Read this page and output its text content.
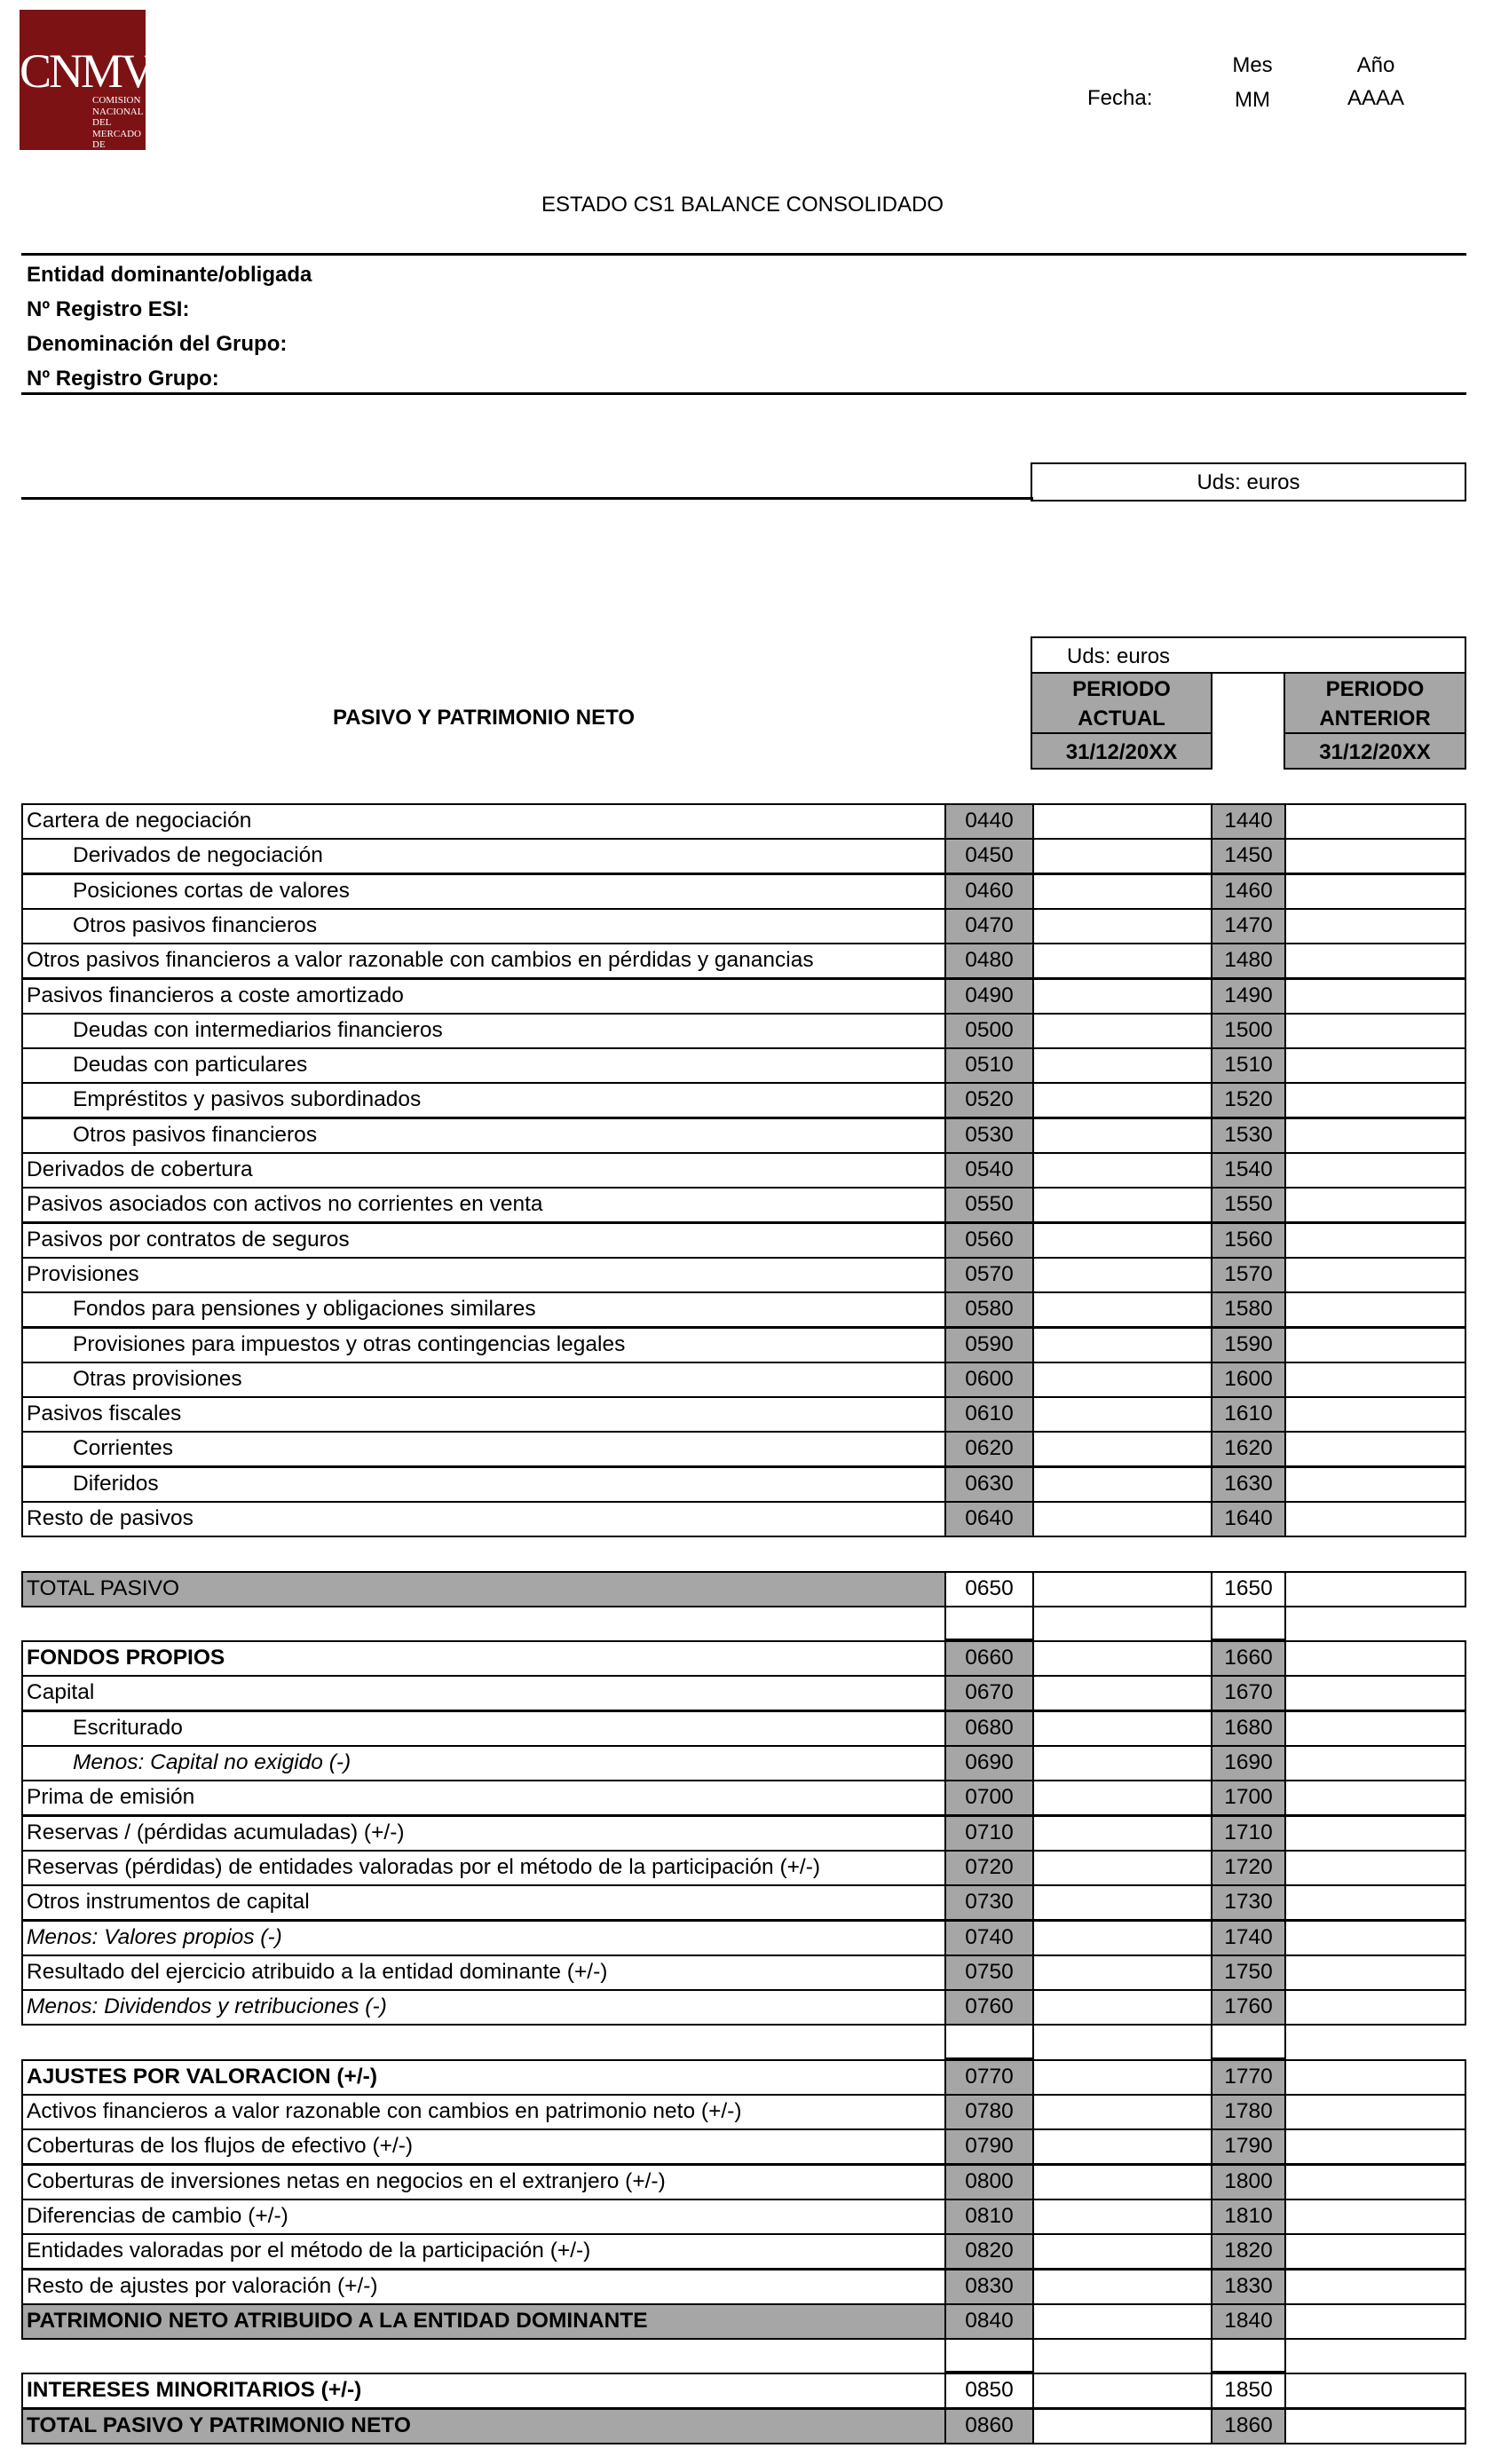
CNMV
COMISION
NACIONAL
DEL MERCADO
DE VALORES
Mes	Año
Fecha:	MM	AAAA
ESTADO CS1 BALANCE CONSOLIDADO
Entidad dominante/obligada
Nº Registro ESI:
Denominación del Grupo:
Nº Registro Grupo:
Uds: euros
PASIVO Y PATRIMONIO NETO
Uds: euros
PERIODO
ACTUAL
31/12/20XX
PERIODO
ANTERIOR
31/12/20XX
Cartera de negociación	0440	1440
Derivados de negociación	0450	1450
Posiciones cortas de valores	0460	1460
Otros pasivos financieros	0470	1470
Otros pasivos financieros a valor razonable con cambios en pérdidas y ganancias	0480	1480
Pasivos financieros a coste amortizado	0490	1490
Deudas con intermediarios financieros	0500	1500
Deudas con particulares	0510	1510
Empréstitos y pasivos subordinados	0520	1520
Otros pasivos financieros	0530	1530
Derivados de cobertura	0540	1540
Pasivos asociados con activos no corrientes en venta	0550	1550
Pasivos por contratos de seguros	0560	1560
Provisiones	0570	1570
Fondos para pensiones y obligaciones similares	0580	1580
Provisiones para impuestos y otras contingencias legales	0590	1590
Otras provisiones	0600	1600
Pasivos fiscales	0610	1610
Corrientes	0620	1620
Diferidos	0630	1630
Resto de pasivos	0640	1640
TOTAL PASIVO	0650	1650
FONDOS PROPIOS	0660	1660
Capital	0670	1670
Escriturado	0680	1680
Menos: Capital no exigido (-)	0690	1690
Prima de emisión	0700	1700
Reservas / (pérdidas acumuladas) (+/-)	0710	1710
Reservas (pérdidas) de entidades valoradas por el método de la participación (+/-)	0720	1720
Otros instrumentos de capital	0730	1730
Menos: Valores propios (-)	0740	1740
Resultado del ejercicio atribuido a la entidad dominante (+/-)	0750	1750
Menos: Dividendos y retribuciones (-)	0760	1760
AJUSTES POR VALORACION (+/-)	0770	1770
Activos financieros a valor razonable con cambios en patrimonio neto (+/-)	0780	1780
Coberturas de los flujos de efectivo (+/-)	0790	1790
Coberturas de inversiones netas en negocios en el extranjero (+/-)	0800	1800
Diferencias de cambio (+/-)	0810	1810
Entidades valoradas por el método de la participación (+/-)	0820	1820
Resto de ajustes por valoración (+/-)	0830	1830
PATRIMONIO NETO ATRIBUIDO A LA ENTIDAD DOMINANTE	0840	1840
INTERESES MINORITARIOS (+/-)	0850	1850
TOTAL PASIVO Y PATRIMONIO NETO	0860	1860
